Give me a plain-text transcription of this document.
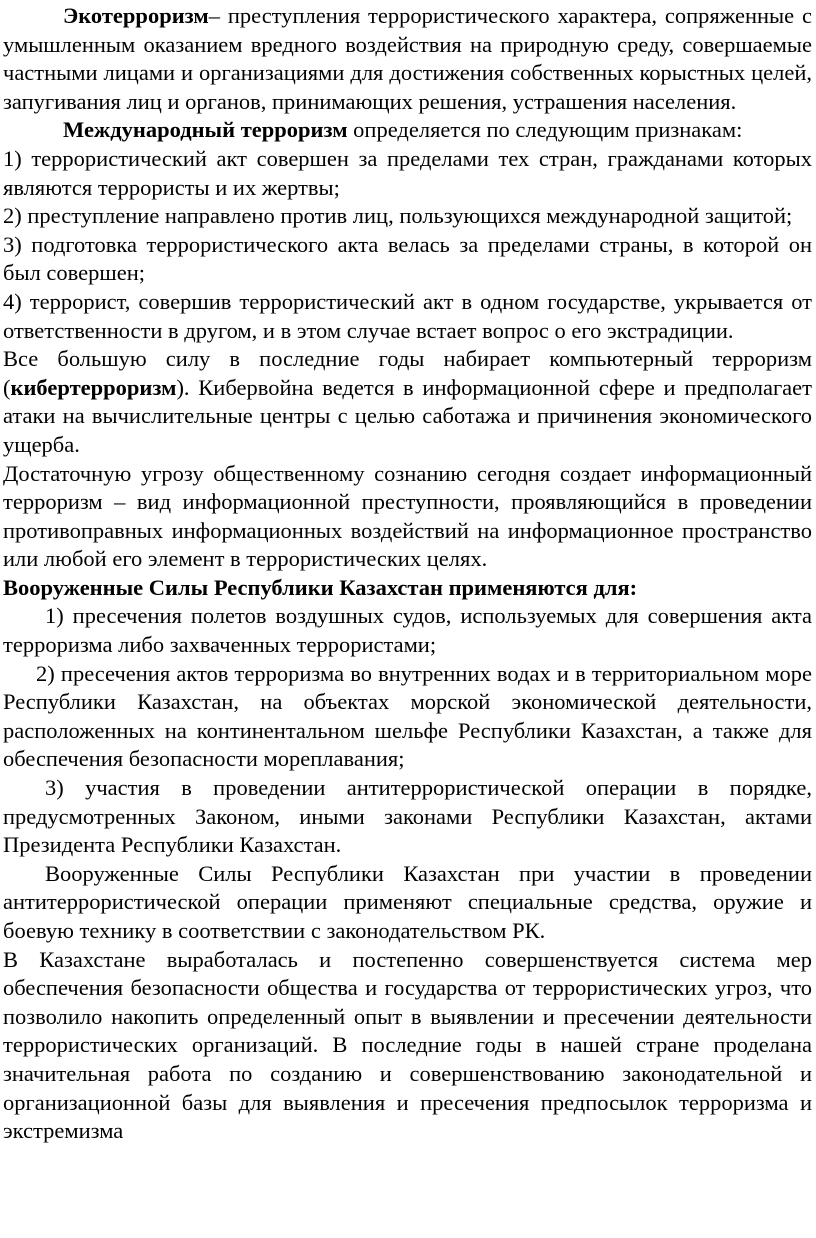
Экотерроризм– преступления террористического характера, сопряженные с умышленным оказанием вредного воздействия на природную среду, совершаемые частными лицами и организациями для достижения собственных корыстных целей, запугивания лиц и органов, принимающих решения, устрашения населения.

Международный терроризм определяется по следующим признакам:

1) террористический акт совершен за пределами тех стран, гражданами которых являются террористы и их жертвы;

2) преступление направлено против лиц, пользующихся международной защитой;

3) подготовка террористического акта велась за пределами страны, в которой он был совершен;

4) террорист, совершив террористический акт в одном государстве, укрывается от ответственности в другом, и в этом случае встает вопрос о его экстрадиции.

Все большую силу в последние годы набирает компьютерный терроризм (кибертерроризм). Кибервойна ведется в информационной сфере и предполагает атаки на вычислительные центры с целью саботажа и причинения экономического ущерба.

Достаточную угрозу общественному сознанию сегодня создает информационный терроризм – вид информационной преступности, проявляющийся в проведении противоправных информационных воздействий на информационное пространство или любой его элемент в террористических целях.

Вооруженные Силы Республики Казахстан применяются для:

1) пресечения полетов воздушных судов, используемых для совершения акта терроризма либо захваченных террористами;

2) пресечения актов терроризма во внутренних водах и в территориальном море Республики Казахстан, на объектах морской экономической деятельности, расположенных на континентальном шельфе Республики Казахстан, а также для обеспечения безопасности мореплавания;

3) участия в проведении антитеррористической операции в порядке, предусмотренных Законом, иными законами Республики Казахстан, актами Президента Республики Казахстан.

Вооруженные Силы Республики Казахстан при участии в проведении антитеррористической операции применяют специальные средства, оружие и боевую технику в соответствии с законодательством РК.

В Казахстане выработалась и постепенно совершенствуется система мер обеспечения безопасности общества и государства от террористических угроз, что позволило накопить определенный опыт в выявлении и пресечении деятельности террористических организаций. В последние годы в нашей стране проделана значительная работа по созданию и совершенствованию законодательной и организационной базы для выявления и пресечения предпосылок терроризма и экстремизма
